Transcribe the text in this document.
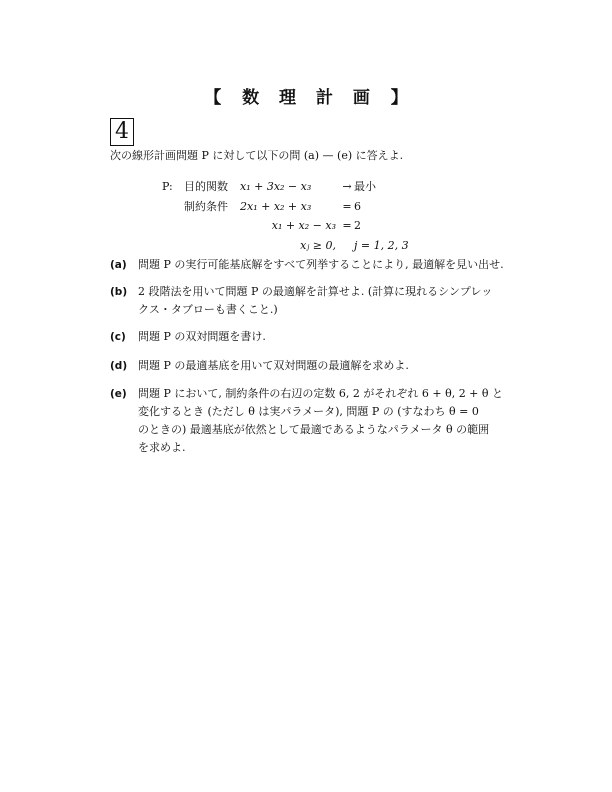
【 数 理 計 画 】
4
次の線形計画問題 P に対して以下の問 (a) — (e) に答えよ.
P:	目的関数	x₁ + 3x₂ − x₃	→ 最小
制約条件	2x₁ + x₂ + x₃	= 6
x₁ + x₂ − x₃ = 2
xⱼ ≥ 0,	j = 1, 2, 3
(a)	問題 P の実行可能基底解をすべて列挙することにより, 最適解を見い出せ.
(b) 2 段階法を用いて問題 P の最適解を計算せよ. (計算に現れるシンプレッ
クス・タブローも書くこと.)
(c)	問題 P の双対問題を書け.
(d) 問題 P の最適基底を用いて双対問題の最適解を求めよ.
(e)	問題 P において, 制約条件の右辺の定数 6, 2 がそれぞれ 6 + θ, 2 + θ と
変化するとき (ただし θ は実パラメータ), 問題 P の (すなわち θ = 0
のときの) 最適基底が依然として最適であるようなパラメータ θ の範囲
を求めよ.
